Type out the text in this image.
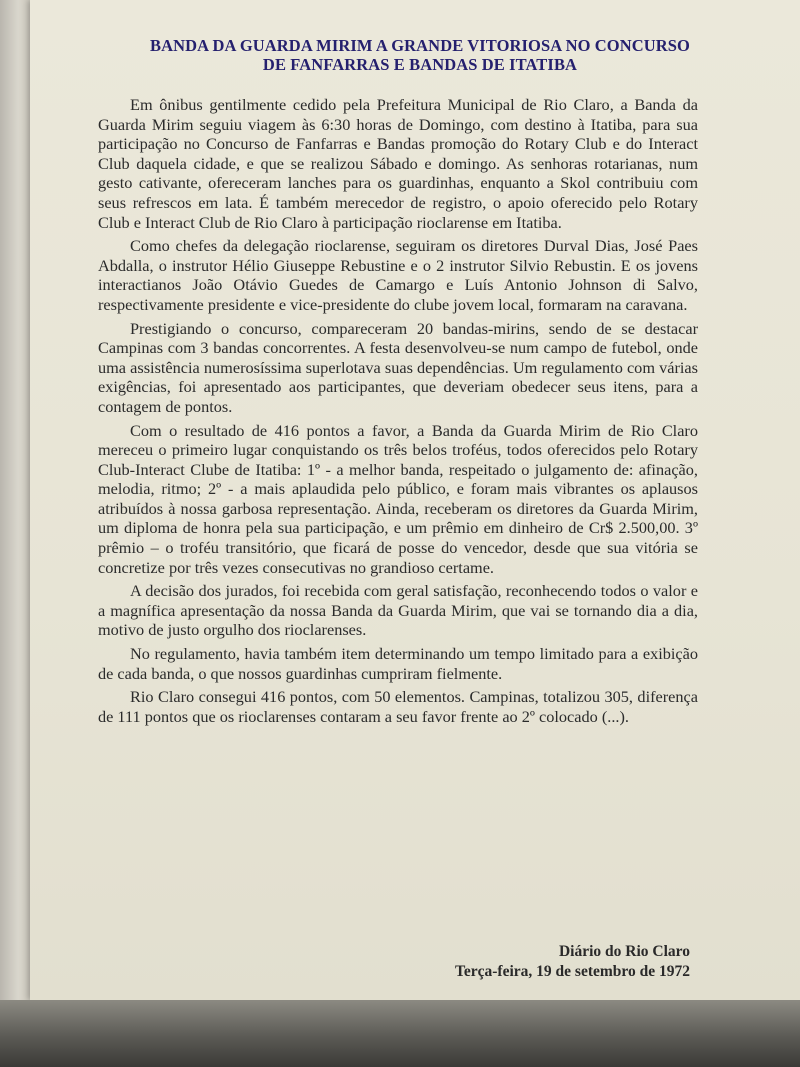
BANDA DA GUARDA MIRIM A GRANDE VITORIOSA NO CONCURSO
DE FANFARRAS E BANDAS DE ITATIBA

Em ônibus gentilmente cedido pela Prefeitura Municipal de Rio Claro, a Banda da Guarda Mirim seguiu viagem às 6:30 horas de Domingo, com destino à Itatiba, para sua participação no Concurso de Fanfarras e Bandas promoção do Rotary Club e do Interact Club daquela cidade, e que se realizou Sábado e domingo. As senhoras rotarianas, num gesto cativante, ofereceram lanches para os guardinhas, enquanto a Skol contribuiu com seus refrescos em lata. É também merecedor de registro, o apoio oferecido pelo Rotary Club e Interact Club de Rio Claro à participação rioclarense em Itatiba.

Como chefes da delegação rioclarense, seguiram os diretores Durval Dias, José Paes Abdalla, o instrutor Hélio Giuseppe Rebustine e o 2 instrutor Silvio Rebustin. E os jovens interactianos João Otávio Guedes de Camargo e Luís Antonio Johnson di Salvo, respectivamente presidente e vice-presidente do clube jovem local, formaram na caravana.

Prestigiando o concurso, compareceram 20 bandas-mirins, sendo de se destacar Campinas com 3 bandas concorrentes. A festa desenvolveu-se num campo de futebol, onde uma assistência numerosíssima superlotava suas dependências. Um regulamento com várias exigências, foi apresentado aos participantes, que deveriam obedecer seus itens, para a contagem de pontos.

Com o resultado de 416 pontos a favor, a Banda da Guarda Mirim de Rio Claro mereceu o primeiro lugar conquistando os três belos troféus, todos oferecidos pelo Rotary Club-Interact Clube de Itatiba: 1º - a melhor banda, respeitado o julgamento de: afinação, melodia, ritmo; 2º - a mais aplaudida pelo público, e foram mais vibrantes os aplausos atribuídos à nossa garbosa representação. Ainda, receberam os diretores da Guarda Mirim, um diploma de honra pela sua participação, e um prêmio em dinheiro de Cr$ 2.500,00. 3º prêmio – o troféu transitório, que ficará de posse do vencedor, desde que sua vitória se concretize por três vezes consecutivas no grandioso certame.

A decisão dos jurados, foi recebida com geral satisfação, reconhecendo todos o valor e a magnífica apresentação da nossa Banda da Guarda Mirim, que vai se tornando dia a dia, motivo de justo orgulho dos rioclarenses.

No regulamento, havia também item determinando um tempo limitado para a exibição de cada banda, o que nossos guardinhas cumpriram fielmente.

Rio Claro consegui 416 pontos, com 50 elementos. Campinas, totalizou 305, diferença de 111 pontos que os rioclarenses contaram a seu favor frente ao 2º colocado (...).

Diário do Rio Claro
Terça-feira, 19 de setembro de 1972
